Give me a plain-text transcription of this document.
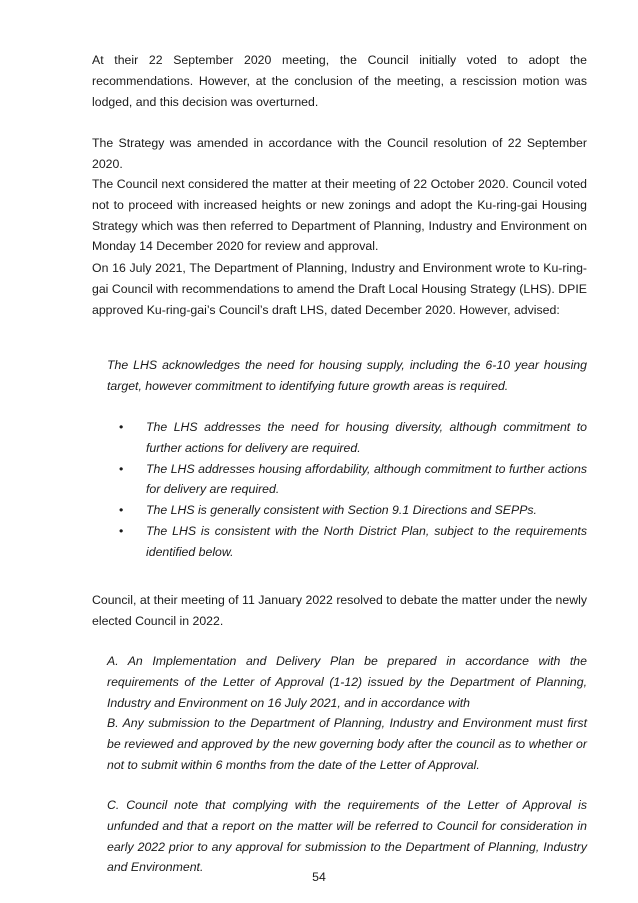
At their 22 September 2020 meeting, the Council initially voted to adopt the recommendations. However, at the conclusion of the meeting, a rescission motion was lodged, and this decision was overturned.

The Strategy was amended in accordance with the Council resolution of 22 September 2020.

The Council next considered the matter at their meeting of 22 October 2020. Council voted not to proceed with increased heights or new zonings and adopt the Ku-ring-gai Housing Strategy which was then referred to Department of Planning, Industry and Environment on Monday 14 December 2020 for review and approval.

On 16 July 2021, The Department of Planning, Industry and Environment wrote to Ku-ring-gai Council with recommendations to amend the Draft Local Housing Strategy (LHS). DPIE approved Ku-ring-gai’s Council’s draft LHS, dated December 2020. However, advised:

The LHS acknowledges the need for housing supply, including the 6-10 year housing target, however commitment to identifying future growth areas is required.

• The LHS addresses the need for housing diversity, although commitment to further actions for delivery are required.
• The LHS addresses housing affordability, although commitment to further actions for delivery are required.
• The LHS is generally consistent with Section 9.1 Directions and SEPPs.
• The LHS is consistent with the North District Plan, subject to the requirements identified below.

Council, at their meeting of 11 January 2022 resolved to debate the matter under the newly elected Council in 2022.

A. An Implementation and Delivery Plan be prepared in accordance with the requirements of the Letter of Approval (1-12) issued by the Department of Planning, Industry and Environment on 16 July 2021, and in accordance with

B. Any submission to the Department of Planning, Industry and Environment must first be reviewed and approved by the new governing body after the council as to whether or not to submit within 6 months from the date of the Letter of Approval.

C. Council note that complying with the requirements of the Letter of Approval is unfunded and that a report on the matter will be referred to Council for consideration in early 2022 prior to any approval for submission to the Department of Planning, Industry and Environment.

54
